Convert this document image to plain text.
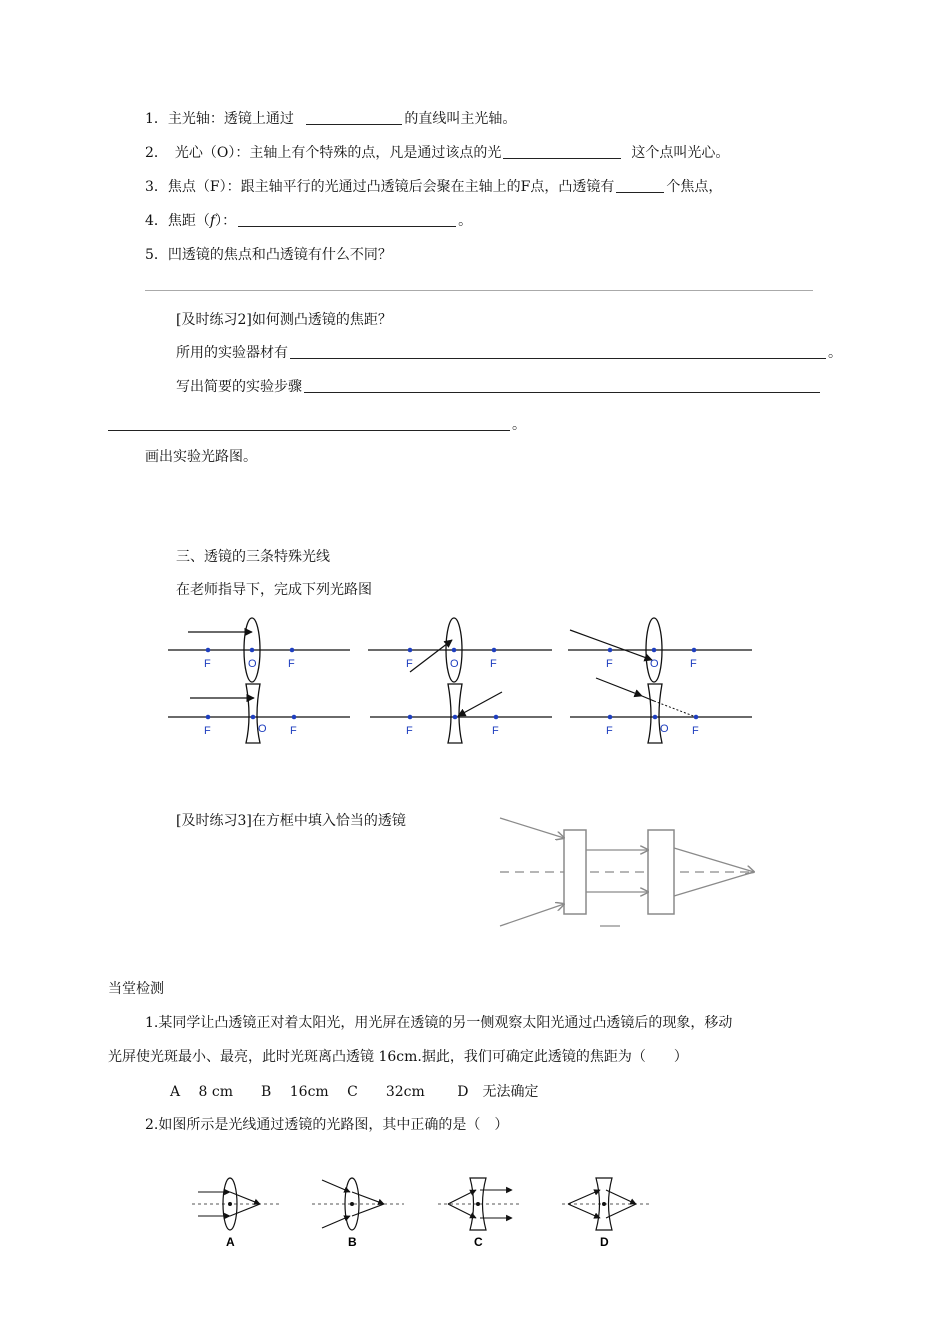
1．主光轴：透镜上通过	的直线叫主光轴。
2．　光心（O）：主轴上有个特殊的点，凡是通过该点的光	这个点叫光心。
3．焦点（F）：跟主轴平行的光通过凸透镜后会聚在主轴上的F点，凸透镜有	个焦点，
4．焦距（f）：	。
5．凹透镜的焦点和凸透镜有什么不同？
[及时练习2]如何测凸透镜的焦距？
所用的实验器材有	。
写出简要的实验步骤
。
画出实验光路图。
三、透镜的三条特殊光线
在老师指导下，完成下列光路图
F	O	F	F	O	F	F	O	F
F	O F	F	F	F	O F
[及时练习3]在方框中填入恰当的透镜
当堂检测
1.某同学让凸透镜正对着太阳光，用光屏在透镜的另一侧观察太阳光通过凸透镜后的现象，移动
光屏使光斑最小、最亮，此时光斑离凸透镜 16cm.据此，我们可确定此透镜的焦距为（　　）
A　 8 cm　　B　 16cm　 C　　32cm　　 D　无法确定
2.如图所示是光线通过透镜的光路图，其中正确的是（　）
A	B	C	D
